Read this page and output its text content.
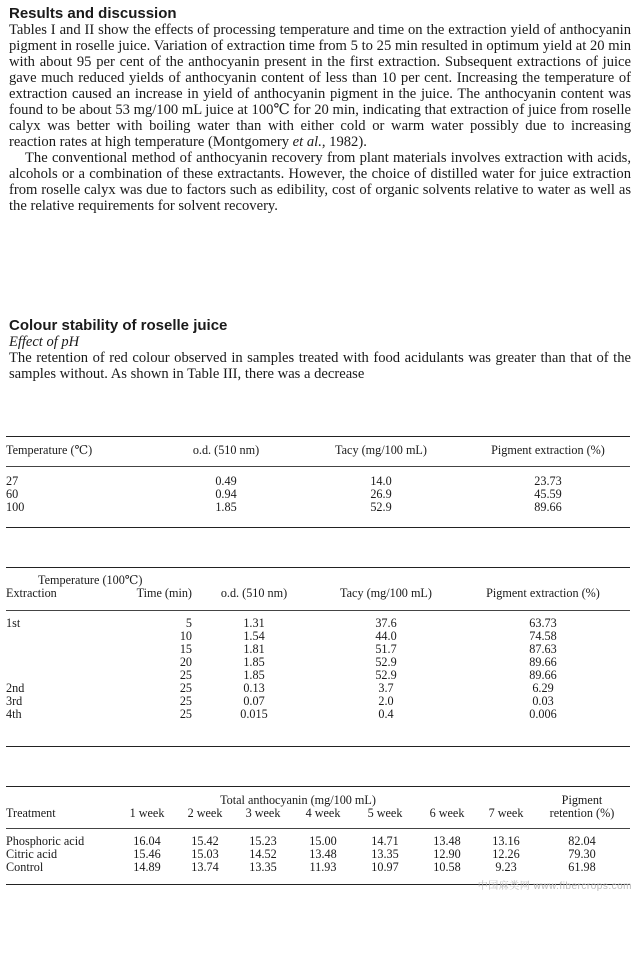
Results and discussion

Tables I and II show the effects of processing temperature and time on the extraction yield of anthocyanin pigment in roselle juice. Variation of extraction time from 5 to 25 min resulted in optimum yield at 20 min with about 95 per cent of the anthocyanin present in the first extraction. Subsequent extractions of juice gave much reduced yields of anthocyanin content of less than 10 per cent. Increasing the temperature of extraction caused an increase in yield of anthocyanin pigment in the juice. The anthocyanin content was found to be about 53 mg/100 mL juice at 100℃ for 20 min, indicating that extraction of juice from roselle calyx was better with boiling water than with either cold or warm water possibly due to increasing reaction rates at high temperature (Montgomery et al., 1982).

The conventional method of anthocyanin recovery from plant materials involves extraction with acids, alcohols or a combination of these extractants. However, the choice of distilled water for juice extraction from roselle calyx was due to factors such as edibility, cost of organic solvents relative to water as well as the relative requirements for solvent recovery.

Colour stability of roselle juice
Effect of pH

The retention of red colour observed in samples treated with food acidulants was greater than that of the samples without. As shown in Table III, there was a decrease

Temperature (℃)	o.d. (510 nm)	Tacy (mg/100 mL)	Pigment extraction (%)
27	0.49	14.0	23.73
60	0.94	26.9	45.59
100	1.85	52.9	89.66
Temperature (100℃)				
Extraction	Time (min)	o.d. (510 nm)	Tacy (mg/100 mL)	Pigment extraction (%)
1st	5	1.31	37.6	63.73
	10	1.54	44.0	74.58
	15	1.81	51.7	87.63
	20	1.85	52.9	89.66
	25	1.85	52.9	89.66
2nd	25	0.13	3.7	6.29
3rd	25	0.07	2.0	0.03
4th	25	0.015	0.4	0.006
	Total anthocyanin (mg/100 mL)							Pigment
Treatment	1 week	2 week	3 week	4 week	5 week	6 week	7 week	retention (%)
Phosphoric acid	16.04	15.42	15.23	15.00	14.71	13.48	13.16	82.04
Citric acid	15.46	15.03	14.52	13.48	13.35	12.90	12.26	79.30
Control	14.89	13.74	13.35	11.93	10.97	10.58	9.23	61.98
中国麻类网 www.fibercrops.com
